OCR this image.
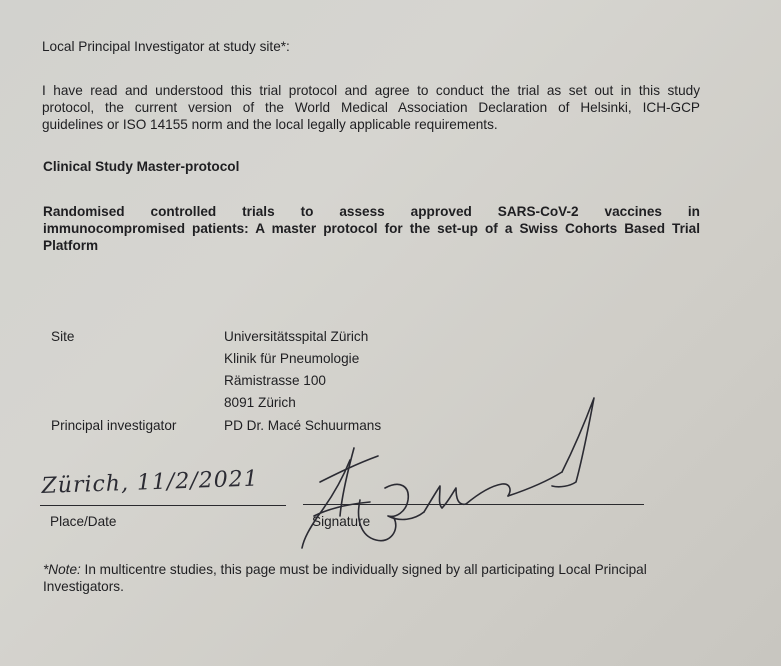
Local Principal Investigator at study site*:
I have read and understood this trial protocol and agree to conduct the trial as set out in this study
protocol, the current version of the World Medical Association Declaration of Helsinki, ICH-GCP
guidelines or ISO 14155 norm and the local legally applicable requirements.
Clinical Study Master-protocol
Randomised controlled trials to assess approved SARS-CoV-2 vaccines in
immunocompromised patients: A master protocol for the set-up of a Swiss Cohorts Based Trial
Platform
Site	Universitätsspital Zürich
Klinik für Pneumologie
Rämistrasse 100
8091 Zürich
Principal investigator	PD Dr. Macé Schuurmans
Zürich, 11/2/2021
Place/Date	Signature
*Note: In multicentre studies, this page must be individually signed by all participating Local Principal
Investigators.
